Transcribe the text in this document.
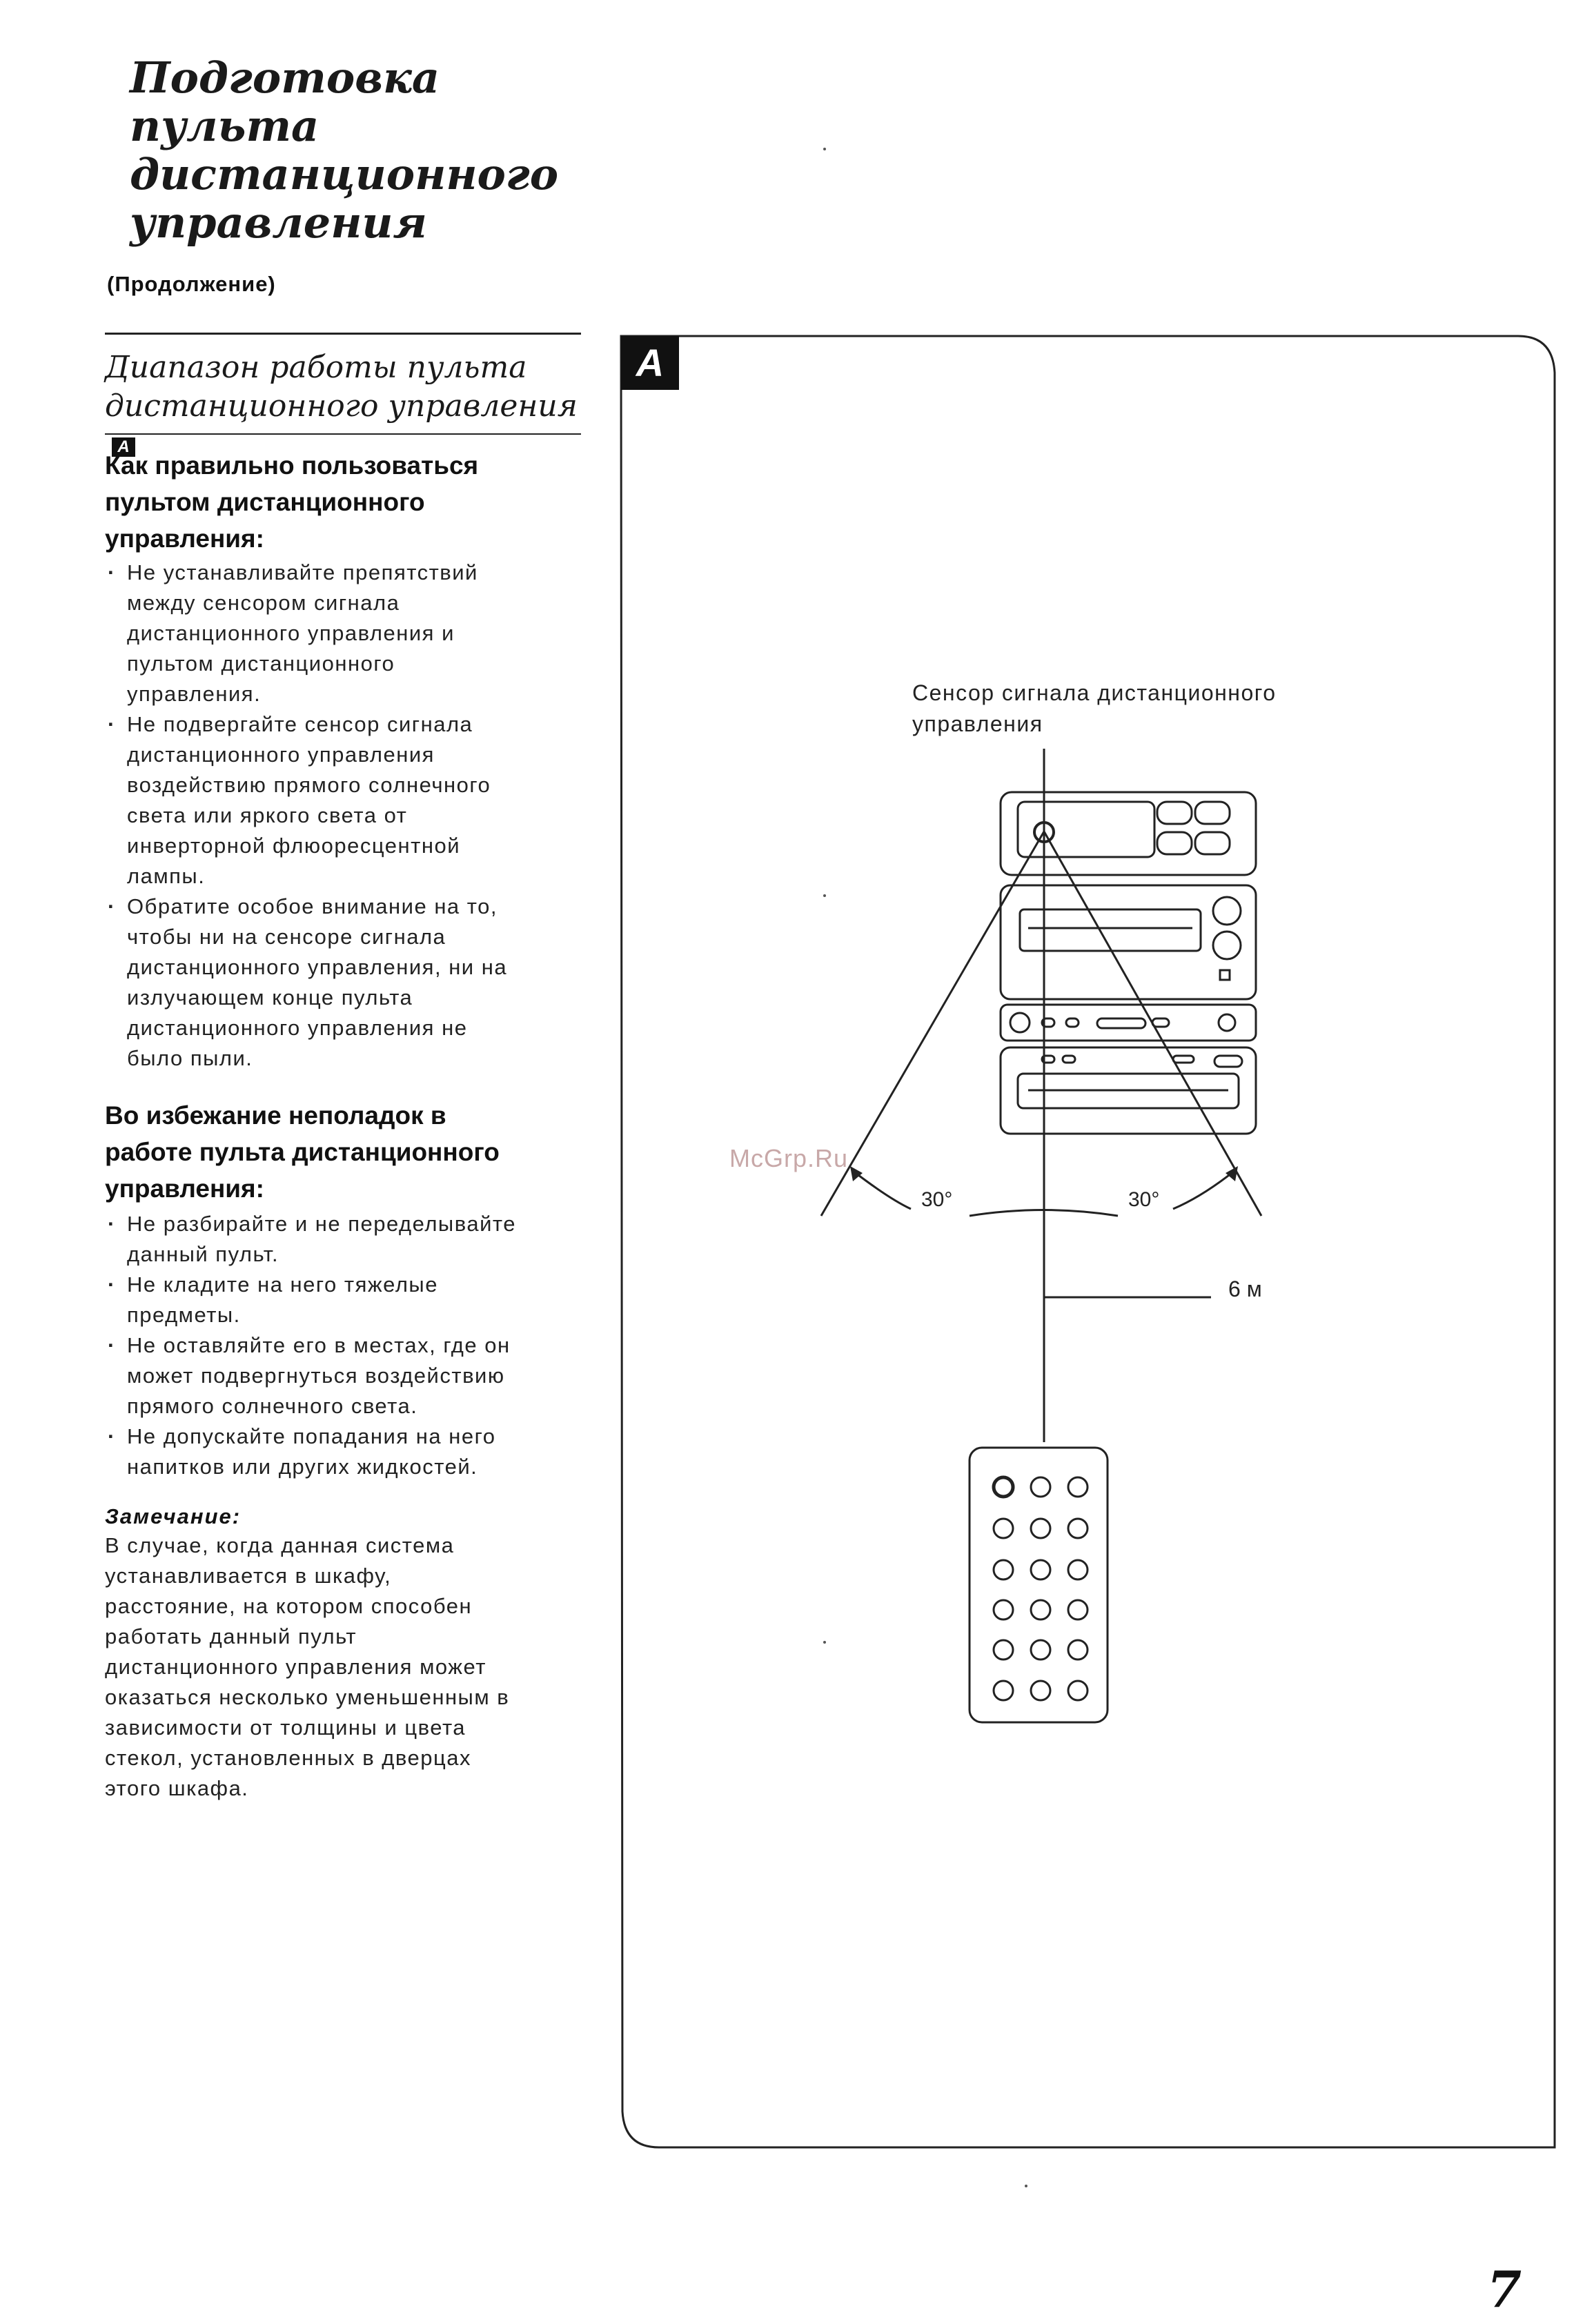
Подготовка
пульта
дистанционного
управления
(Продолжение)
Диапазон работы пульта
дистанционного управленияA
Как правильно пользоваться
пультом дистанционного
управления:
· Не устанавливайте препятствий
между сенсором сигнала
дистанционного управления и
пультом дистанционного
управления.
· Не подвергайте сенсор сигнала
дистанционного управления
воздействию прямого солнечного
света или яркого света от
инверторной флюоресцентной
лампы.
· Обратите особое внимание на то,
чтобы ни на сенсоре сигнала
дистанционного управления, ни на
излучающем конце пульта
дистанционного управления не
было пыли.
Во избежание неполадок в
работе пульта дистанционного
управления:
· Не разбирайте и не переделывайте
данный пульт.
· Не кладите на него тяжелые
предметы.
· Не оставляйте его в местах, где он
может подвергнуться воздействию
прямого солнечного света.
· Не допускайте попадания на него
напитков или других жидкостей.
Замечание:
В случае, когда данная система
устанавливается в шкафу,
расстояние, на котором способен
работать данный пульт
дистанционного управления может
оказаться несколько уменьшенным в
зависимости от толщины и цвета
стекол, установленных в дверцах
этого шкафа.
A
Сенсор сигнала дистанционного
управления
30°	30°
6 м
McGrp.Ru
7
